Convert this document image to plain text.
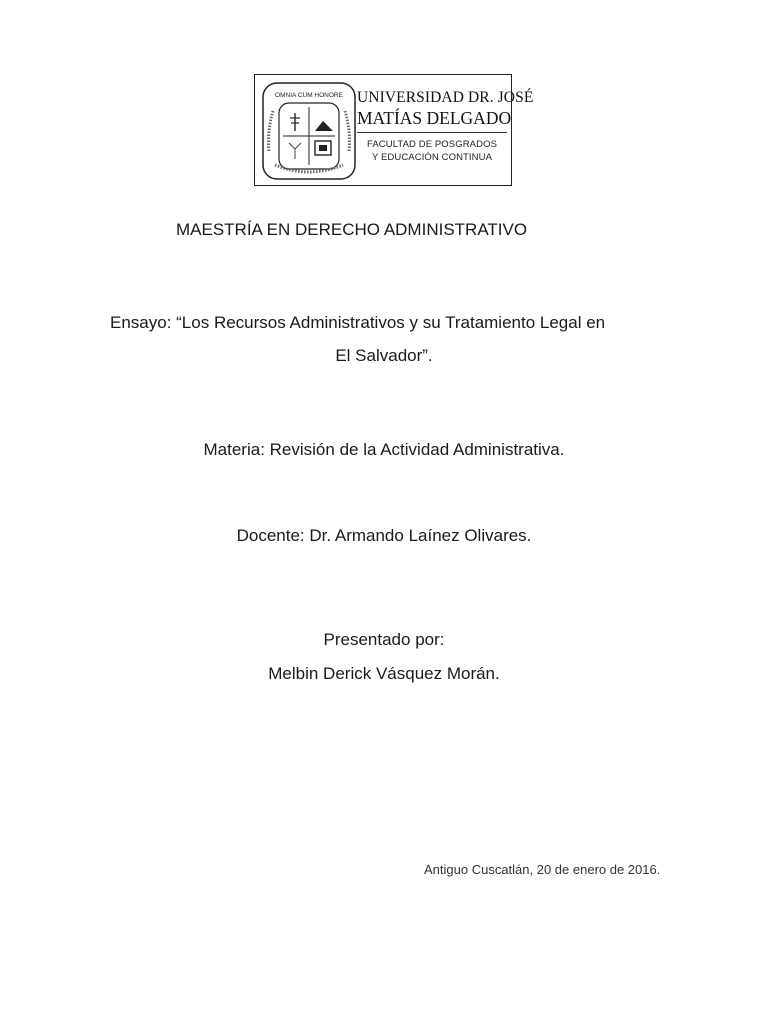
OMNIA CUM HONORE UNIVERSIDAD DR. JOSÉ
MATÍAS DELGADO
FACULTAD DE POSGRADOS
Y EDUCACIÓN CONTINUA
MAESTRÍA EN DERECHO ADMINISTRATIVO
Ensayo: “Los Recursos Administrativos y su Tratamiento Legal en
El Salvador”.
Materia: Revisión de la Actividad Administrativa.
Docente: Dr. Armando Laínez Olivares.
Presentado por:
Melbin Derick Vásquez Morán.
Antiguo Cuscatlán, 20 de enero de 2016.
